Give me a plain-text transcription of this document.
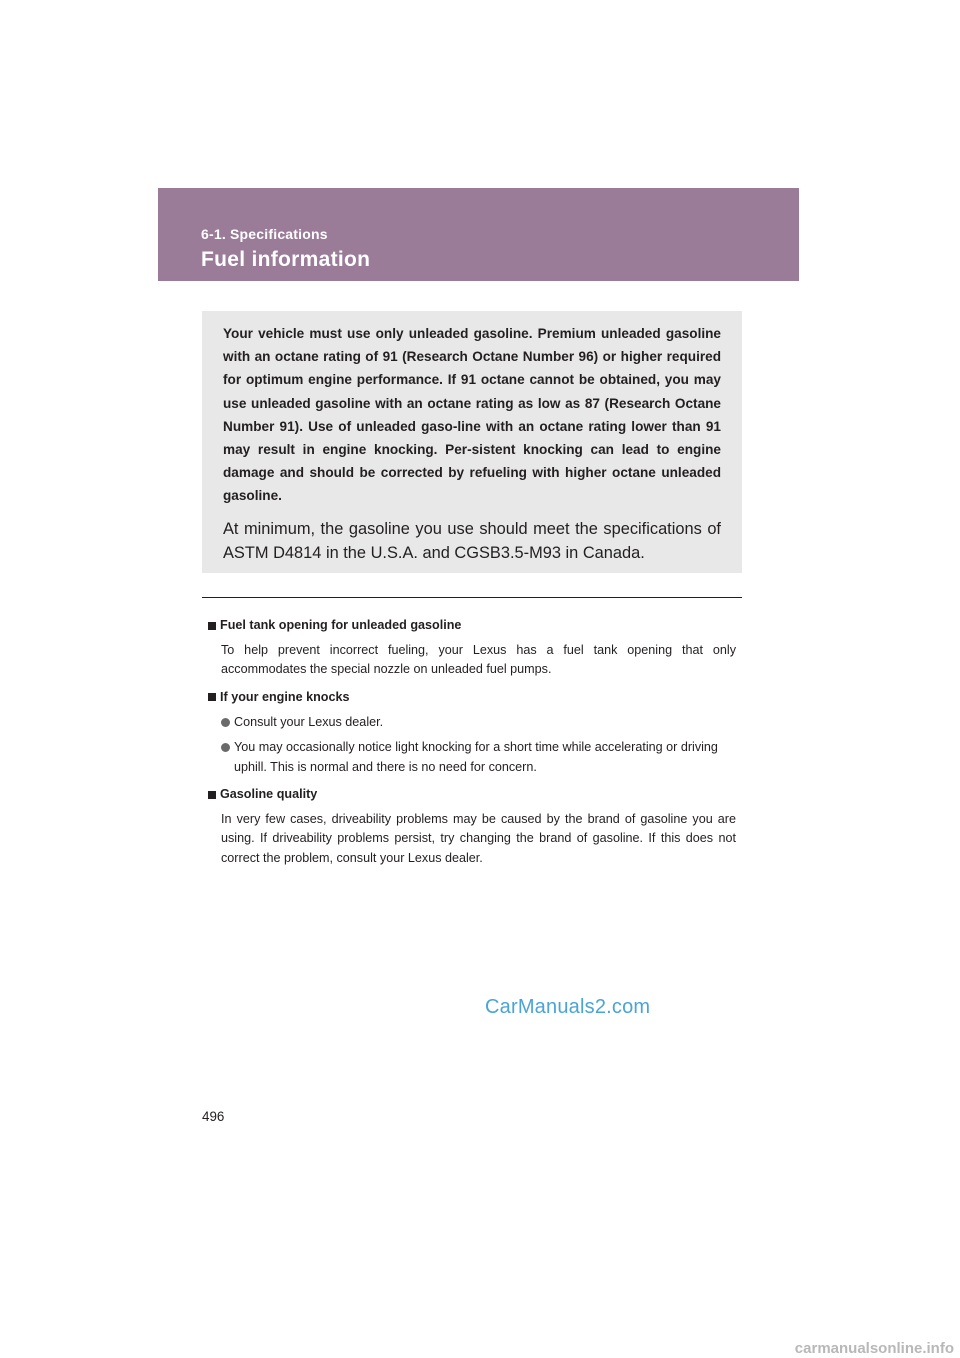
6-1. Specifications
Fuel information

Your vehicle must use only unleaded gasoline. Premium unleaded gasoline with an octane rating of 91 (Research Octane Number 96) or higher required for optimum engine performance. If 91 octane cannot be obtained, you may use unleaded gasoline with an octane rating as low as 87 (Research Octane Number 91). Use of unleaded gaso-line with an octane rating lower than 91 may result in engine knocking. Per-sistent knocking can lead to engine damage and should be corrected by refueling with higher octane unleaded gasoline.

At minimum, the gasoline you use should meet the specifications of ASTM D4814 in the U.S.A. and CGSB3.5-M93 in Canada.

Fuel tank opening for unleaded gasoline
To help prevent incorrect fueling, your Lexus has a fuel tank opening that only accommodates the special nozzle on unleaded fuel pumps.
If your engine knocks
Consult your Lexus dealer.
You may occasionally notice light knocking for a short time while accelerating or driving uphill. This is normal and there is no need for concern.
Gasoline quality
In very few cases, driveability problems may be caused by the brand of gasoline you are using. If driveability problems persist, try changing the brand of gasoline. If this does not correct the problem, consult your Lexus dealer.
CarManuals2.com
496
carmanualsonline.info
